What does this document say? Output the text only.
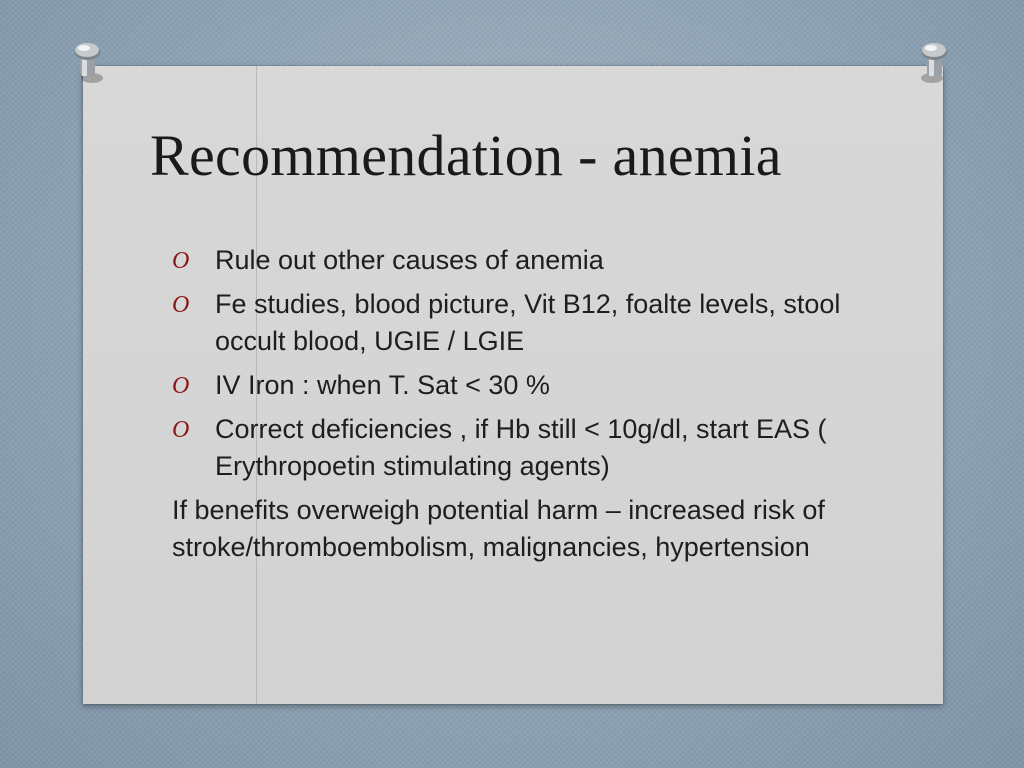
Recommendation - anemia
O Rule out other causes of anemia
O Fe studies, blood picture, Vit B12, foalte levels, stool occult blood, UGIE / LGIE
O IV Iron : when T. Sat < 30 %
O Correct deficiencies , if Hb still < 10g/dl, start EAS ( Erythropoetin stimulating agents)
If benefits overweigh potential harm – increased risk of stroke/thromboembolism, malignancies, hypertension
